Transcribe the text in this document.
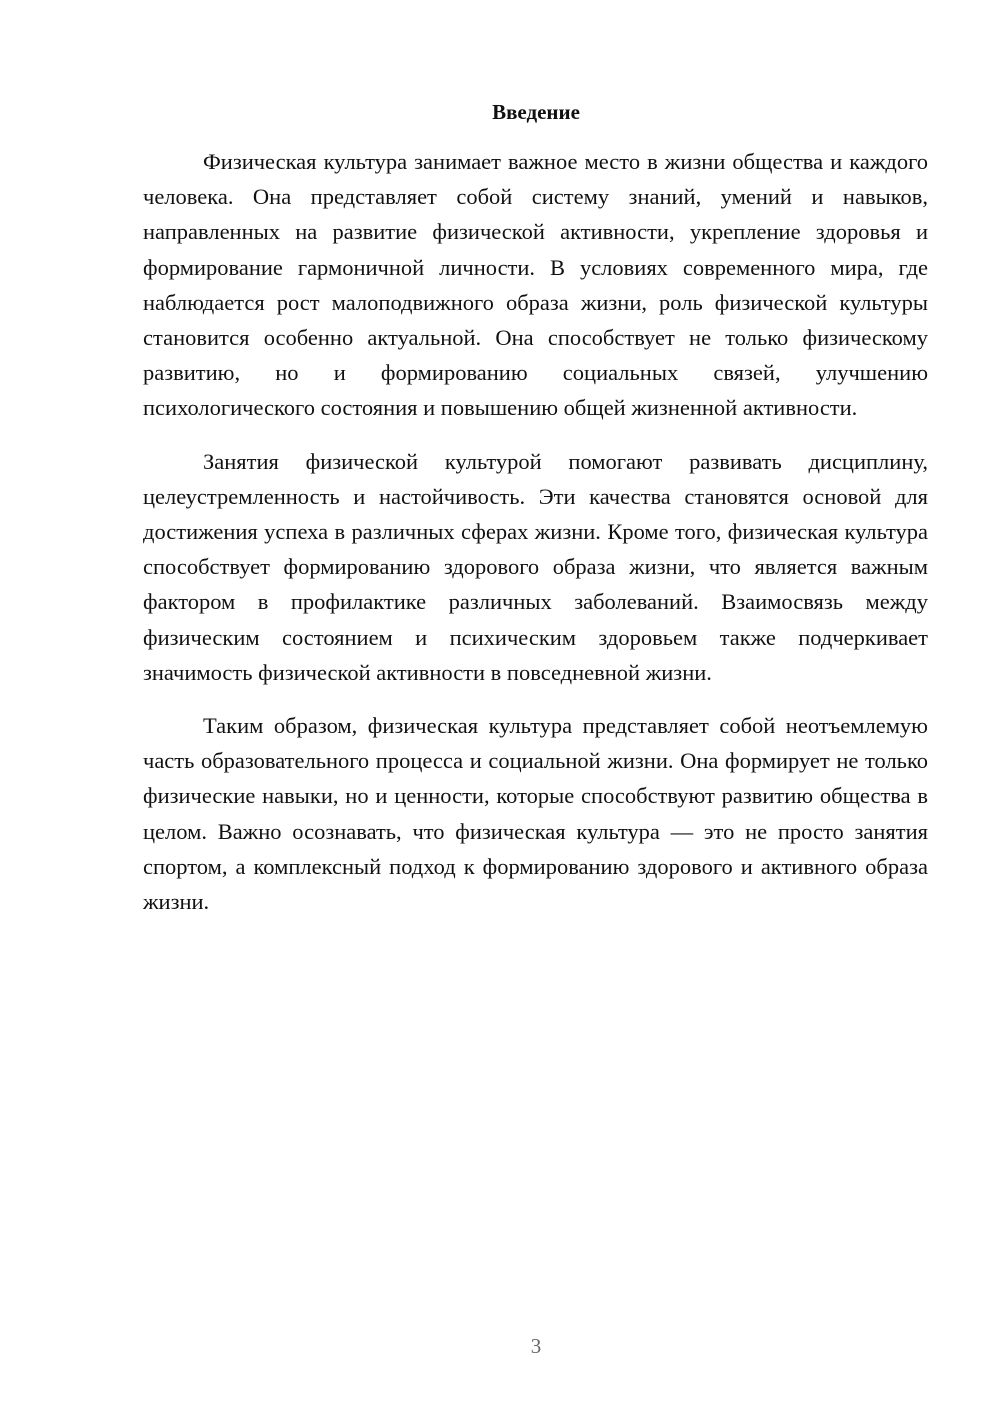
Введение

Физическая культура занимает важное место в жизни общества и каждого человека. Она представляет собой систему знаний, умений и навыков, направленных на развитие физической активности, укрепление здоровья и формирование гармоничной личности. В условиях современного мира, где наблюдается рост малоподвижного образа жизни, роль физической культуры становится особенно актуальной. Она способствует не только физическому развитию, но и формированию социальных связей, улучшению психологического состояния и повышению общей жизненной активности.

Занятия физической культурой помогают развивать дисциплину, целеустремленность и настойчивость. Эти качества становятся основой для достижения успеха в различных сферах жизни. Кроме того, физическая культура способствует формированию здорового образа жизни, что является важным фактором в профилактике различных заболеваний. Взаимосвязь между физическим состоянием и психическим здоровьем также подчеркивает значимость физической активности в повседневной жизни.

Таким образом, физическая культура представляет собой неотъемлемую часть образовательного процесса и социальной жизни. Она формирует не только физические навыки, но и ценности, которые способствуют развитию общества в целом. Важно осознавать, что физическая культура — это не просто занятия спортом, а комплексный подход к формированию здорового и активного образа жизни.

3
